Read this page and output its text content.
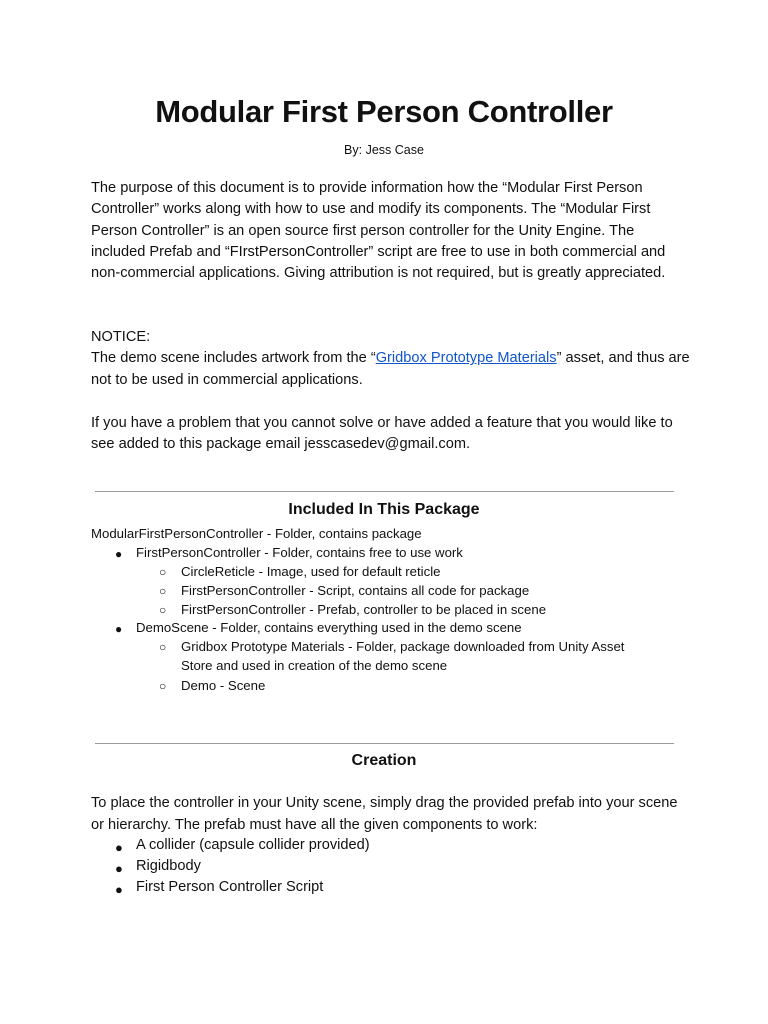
Modular First Person Controller

By: Jess Case

The purpose of this document is to provide information how the “Modular First Person Controller” works along with how to use and modify its components. The “Modular First Person Controller” is an open source first person controller for the Unity Engine. The included Prefab and “FIrstPersonController” script are free to use in both commercial and non-commercial applications. Giving attribution is not required, but is greatly appreciated.

NOTICE:
The demo scene includes artwork from the “Gridbox Prototype Materials” asset, and thus are not to be used in commercial applications.

If you have a problem that you cannot solve or have added a feature that you would like to see added to this package email jesscasedev@gmail.com.

Included In This Package

ModularFirstPersonController - Folder, contains package

● FirstPersonController - Folder, contains free to use work
○ CircleReticle - Image, used for default reticle
○ FirstPersonController - Script, contains all code for package
○ FirstPersonController - Prefab, controller to be placed in scene
● DemoScene - Folder, contains everything used in the demo scene
○ Gridbox Prototype Materials - Folder, package downloaded from Unity Asset
Store and used in creation of the demo scene
○ Demo - Scene
Creation

To place the controller in your Unity scene, simply drag the provided prefab into your scene or hierarchy. The prefab must have all the given components to work:

● A collider (capsule collider provided)
● Rigidbody
● First Person Controller Script
